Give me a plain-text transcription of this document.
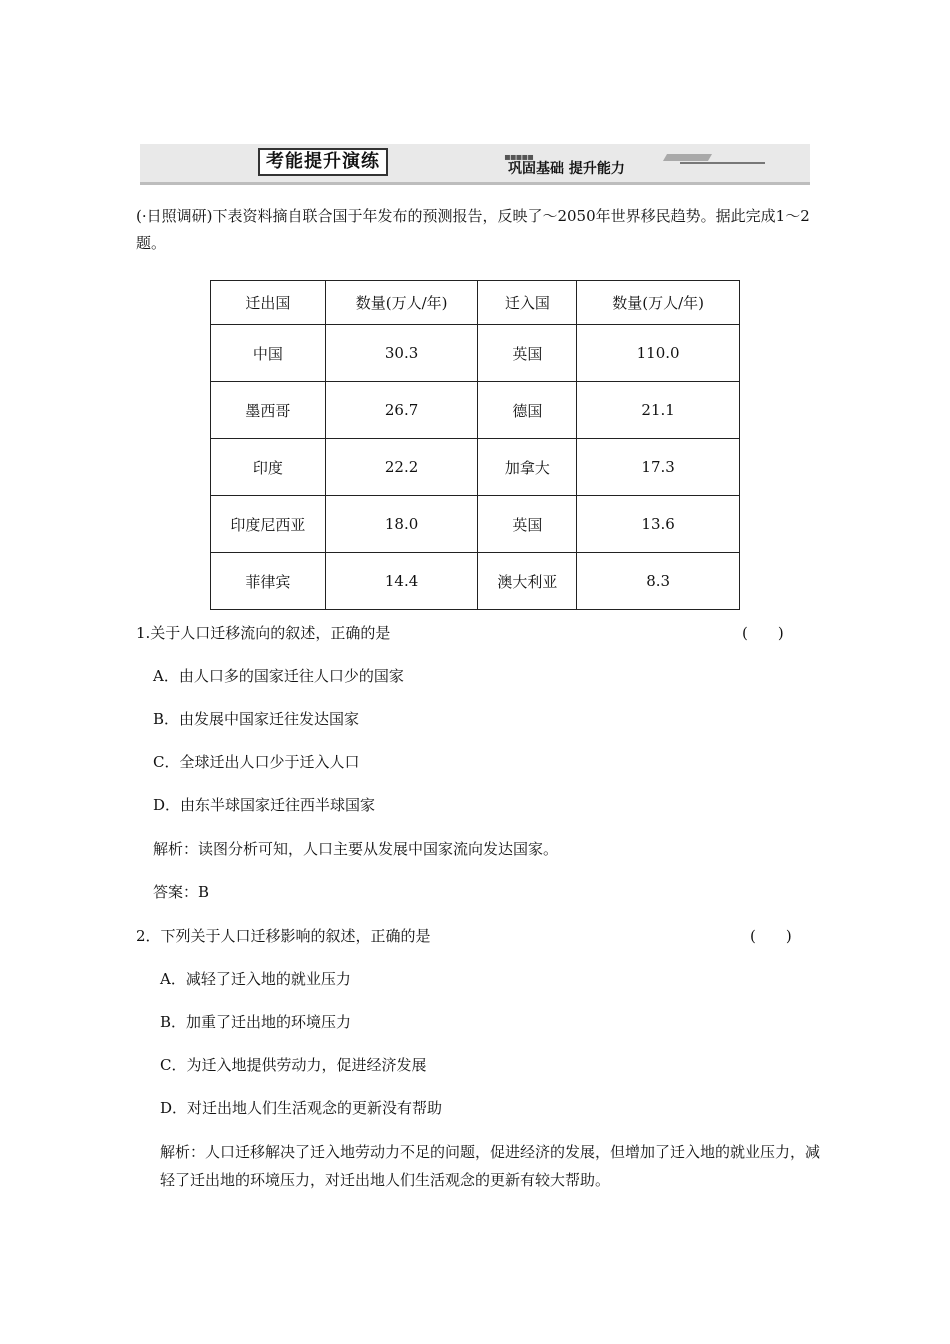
考能提升演练	▪▪▪▪▪
巩固基础 提升能力
(·日照调研)下表资料摘自联合国于年发布的预测报告，反映了～2050年世界移民趋势。据此完成1～2题。
迁出国	数量(万人/年)	迁入国	数量(万人/年)
中国	30.3	英国	110.0
墨西哥	26.7	德国	21.1
印度	22.2	加拿大	17.3
印度尼西亚	18.0	英国	13.6
菲律宾	14.4	澳大利亚	8.3
1.关于人口迁移流向的叙述，正确的是	(　　)
A．由人口多的国家迁往人口少的国家
B．由发展中国家迁往发达国家
C．全球迁出人口少于迁入人口
D．由东半球国家迁往西半球国家
解析：读图分析可知，人口主要从发展中国家流向发达国家。
答案：B
2．下列关于人口迁移影响的叙述，正确的是	(　　)
A．减轻了迁入地的就业压力
B．加重了迁出地的环境压力
C．为迁入地提供劳动力，促进经济发展
D．对迁出地人们生活观念的更新没有帮助
解析：人口迁移解决了迁入地劳动力不足的问题，促进经济的发展，但增加了迁入地的就业压力，减轻了迁出地的环境压力，对迁出地人们生活观念的更新有较大帮助。
